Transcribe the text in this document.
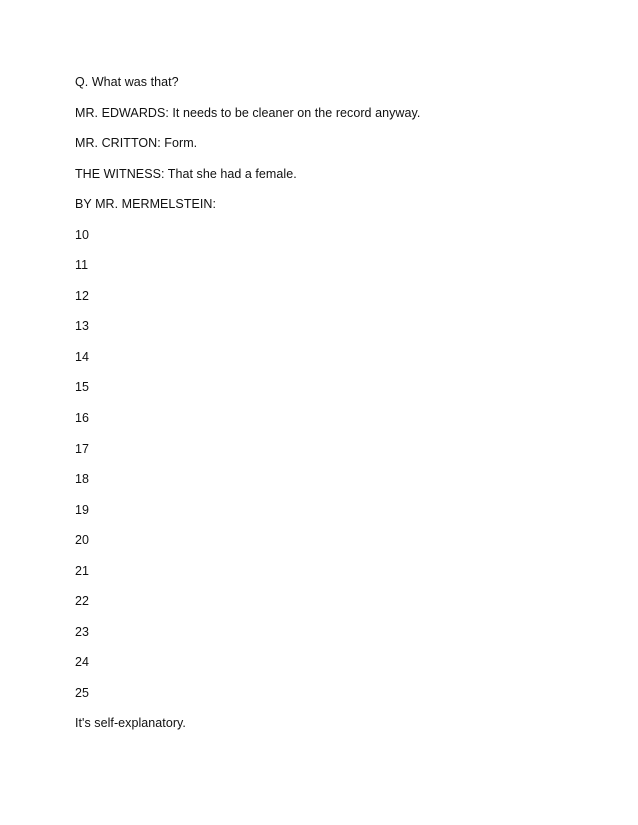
Q. What was that?
MR. EDWARDS: It needs to be cleaner on the record anyway.
MR. CRITTON: Form.
THE WITNESS: That she had a female.
BY MR. MERMELSTEIN:
10
11
12
13
14
15
16
17
18
19
20
21
22
23
24
25
It's self-explanatory.
